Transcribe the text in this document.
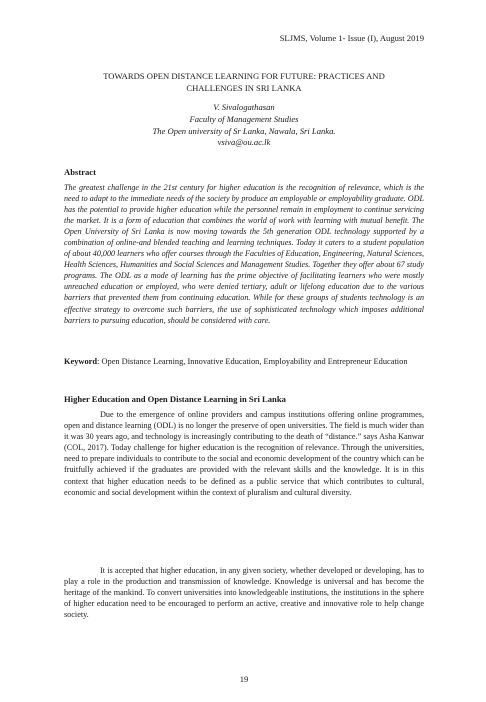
SLJMS, Volume 1- Issue (I), August 2019
TOWARDS OPEN DISTANCE LEARNING FOR FUTURE: PRACTICES AND
CHALLENGES IN SRI LANKA
V. Sivalogathasan
Faculty of Management Studies
The Open university of Sr Lanka, Nawala, Sri Lanka.
vsiva@ou.ac.lk
Abstract

The greatest challenge in the 21st century for higher education is the recognition of relevance, which is the need to adapt to the immediate needs of the society by produce an employable or employability graduate. ODL has the potential to provide higher education while the personnel remain in employment to continue servicing the market. It is a form of education that combines the world of work with learning with mutual benefit. The Open University of Sri Lanka is now moving towards the 5th generation ODL technology supported by a combination of online-and blended teaching and learning techniques. Today it caters to a student population of about 40,000 learners who offer courses through the Faculties of Education, Engineering, Natural Sciences, Health Sciences, Humanities and Social Sciences and Management Studies. Together they offer about 67 study programs. The ODL as a mode of learning has the prime objective of facilitating learners who were mostly unreached education or employed, who were denied tertiary, adult or lifelong education due to the various barriers that prevented them from continuing education. While for these groups of students technology is an effective strategy to overcome such barriers, the use of sophisticated technology which imposes additional barriers to pursuing education, should be considered with care.

Keyword: Open Distance Learning, Innovative Education, Employability and Entrepreneur Education

Higher Education and Open Distance Learning in Sri Lanka

Due to the emergence of online providers and campus institutions offering online programmes, open and distance learning (ODL) is no longer the preserve of open universities. The field is much wider than it was 30 years ago, and technology is increasingly contributing to the death of “distance.” says Asha Kanwar (COL, 2017). Today challenge for higher education is the recognition of relevance. Through the universities, need to prepare individuals to contribute to the social and economic development of the country which can be fruitfully achieved if the graduates are provided with the relevant skills and the knowledge. It is in this context that higher education needs to be defined as a public service that which contributes to cultural, economic and social development within the context of pluralism and cultural diversity.

It is accepted that higher education, in any given society, whether developed or developing, has to play a role in the production and transmission of knowledge. Knowledge is universal and has become the heritage of the mankind. To convert universities into knowledgeable institutions, the institutions in the sphere of higher education need to be encouraged to perform an active, creative and innovative role to help change society.

19
